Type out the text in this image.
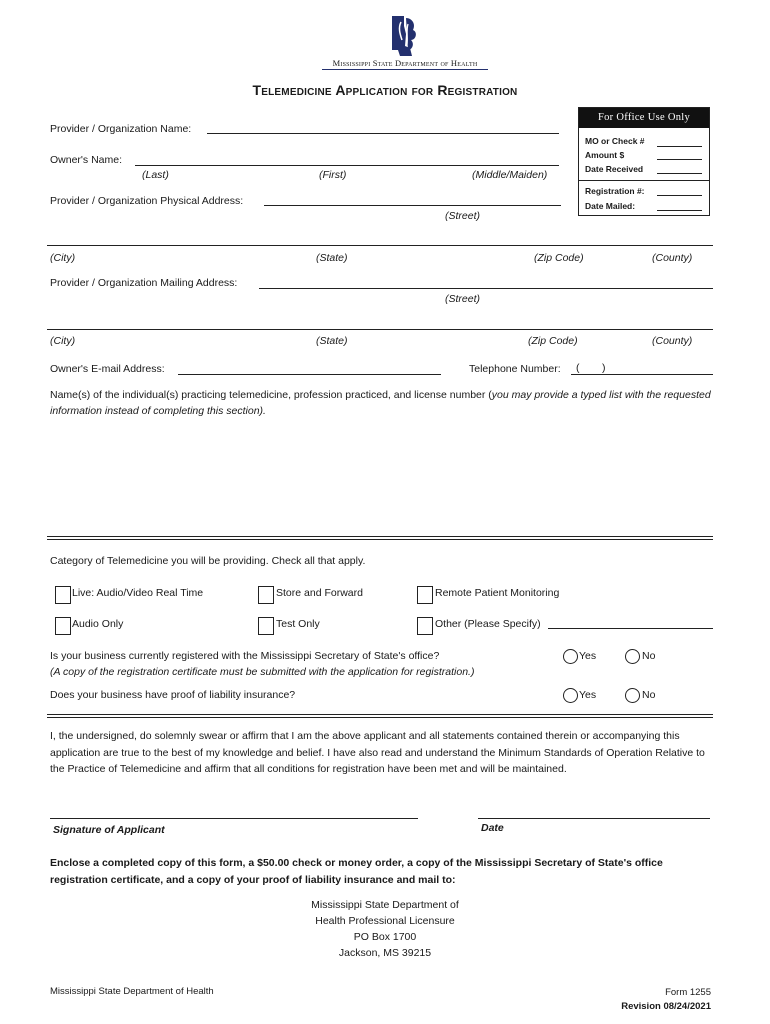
Mississippi State Department of Health
Telemedicine Application for Registration
For Office Use Only
MO or Check #
Amount $
Date Received
Registration #:
Date Mailed:
Provider / Organization Name:
Owner's Name:
(Last)	(First)	(Middle/Maiden)
Provider / Organization Physical Address:
(Street)
(City)	(State)	(Zip Code)	(County)
Provider / Organization Mailing Address:
(Street)
(City)	(State)	(Zip Code)	(County)
Owner's E-mail Address:	Telephone Number: ( )
Name(s) of the individual(s) practicing telemedicine, profession practiced, and license number (you may provide a typed list with the requested information instead of completing this section).
Category of Telemedicine you will be providing. Check all that apply.
Live: Audio/Video Real Time	Store and Forward	Remote Patient Monitoring
Audio Only	Test Only	Other (Please Specify)
Is your business currently registered with the Mississippi Secretary of State's office?
(A copy of the registration certificate must be submitted with the application for registration.)
Yes	No
Does your business have proof of liability insurance?	Yes	No
I, the undersigned, do solemnly swear or affirm that I am the above applicant and all statements contained therein or accompanying this application are true to the best of my knowledge and belief. I have also read and understand the Minimum Standards of Operation Relative to the Practice of Telemedicine and affirm that all conditions for registration have been met and will be maintained.
Signature of Applicant	Date
Enclose a completed copy of this form, a $50.00 check or money order, a copy of the Mississippi Secretary of State's office registration certificate, and a copy of your proof of liability insurance and mail to:
Mississippi State Department of
Health Professional Licensure
PO Box 1700
Jackson, MS 39215
Mississippi State Department of Health	Form 1255
Revision 08/24/2021
